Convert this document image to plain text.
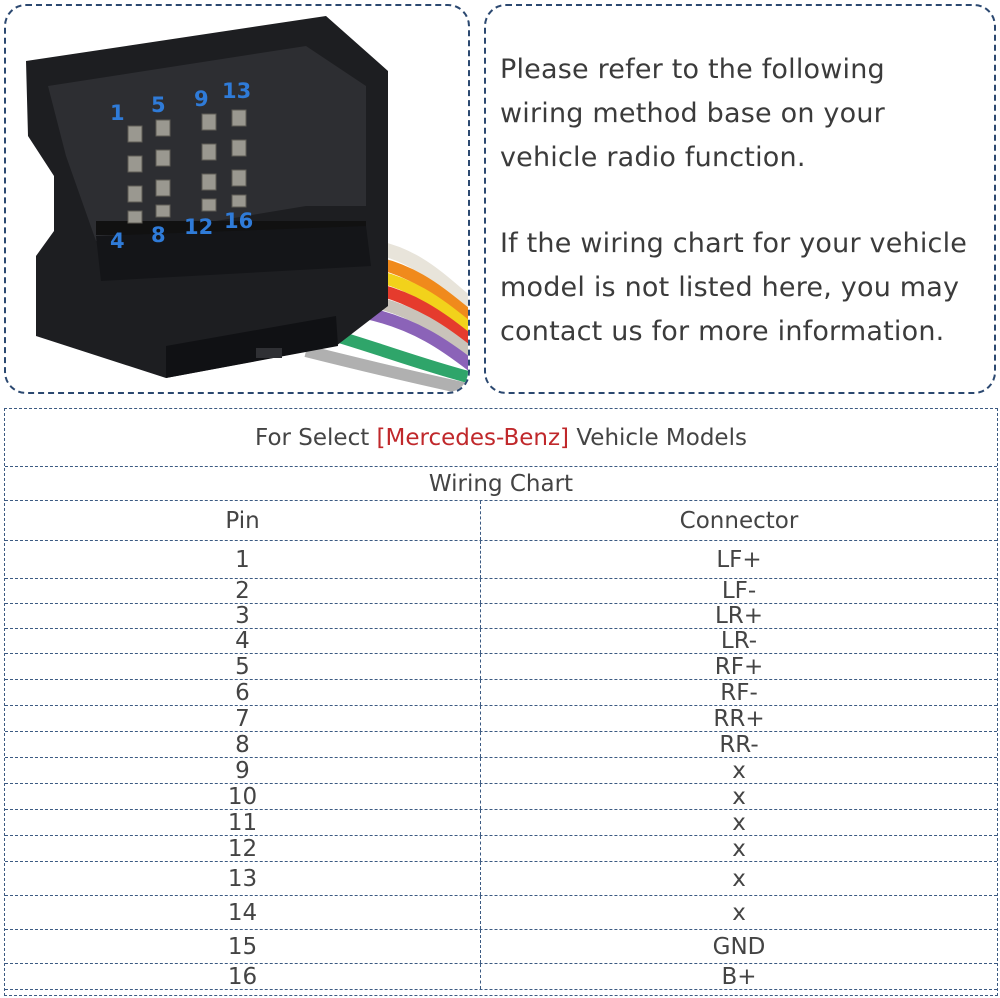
1 5 9 13
4 8 12 16
Please refer to the following wiring method base on your vehicle radio function.
If the wiring chart for your vehicle model is not listed here, you may contact us for more information.
For Select [Mercedes-Benz] Vehicle Models
Wiring Chart
Pin	Connector
1	LF+
2	LF-
3	LR+
4	LR-
5	RF+
6	RF-
7	RR+
8	RR-
9	x
10	x
11	x
12	x
13	x
14	x
15	GND
16	B+
